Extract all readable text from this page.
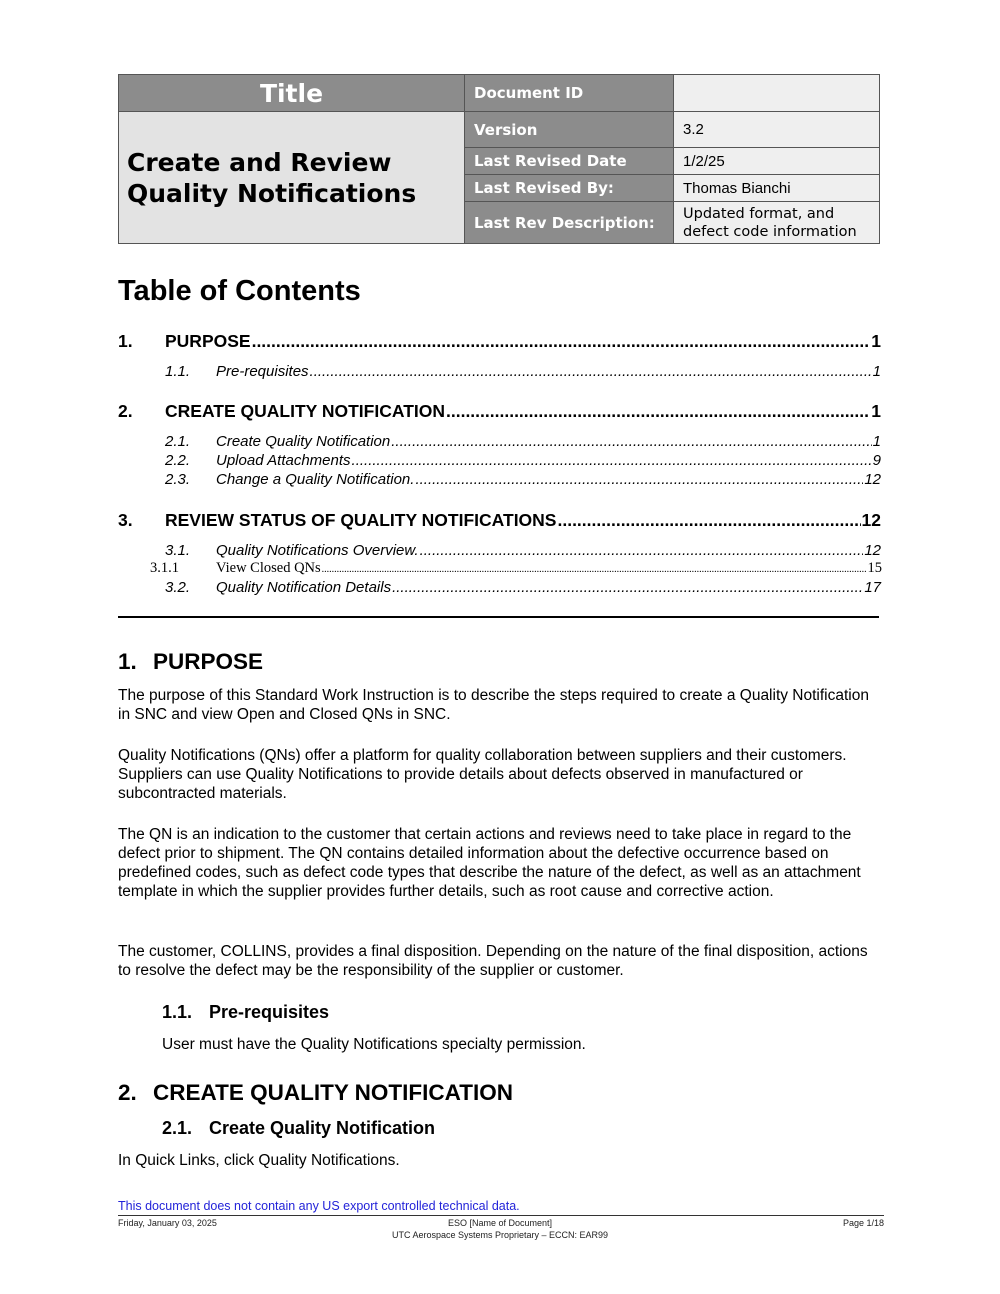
Title	Document ID	

Create and Review
Quality Notifications	Version	3.2
	Last Revised Date	1/2/25
	Last Revised By:	Thomas Bianchi
	Last Rev Description:	Updated format, and
defect code information
Table of Contents
1.	PURPOSE .....	1
1.1.	Pre-requisites .....	1
2.	CREATE QUALITY NOTIFICATION .....	1
2.1.	Create Quality Notification .....	1
2.2.	Upload Attachments .....	9
2.3.	Change a Quality Notification. .....	12
3.	REVIEW STATUS OF QUALITY NOTIFICATIONS .....	12
3.1.	Quality Notifications Overview. .....	12
3.1.1	View Closed QNs .....	15
3.2.	Quality Notification Details .....	17
1. PURPOSE

The purpose of this Standard Work Instruction is to describe the steps required to create a Quality Notification in SNC and view Open and Closed QNs in SNC.

Quality Notifications (QNs) offer a platform for quality collaboration between suppliers and their customers. Suppliers can use Quality Notifications to provide details about defects observed in manufactured or subcontracted materials.

The QN is an indication to the customer that certain actions and reviews need to take place in regard to the defect prior to shipment. The QN contains detailed information about the defective occurrence based on predefined codes, such as defect code types that describe the nature of the defect, as well as an attachment template in which the supplier provides further details, such as root cause and corrective action.

The customer, COLLINS, provides a final disposition. Depending on the nature of the final disposition, actions to resolve the defect may be the responsibility of the supplier or customer.

1.1. Pre-requisites

User must have the Quality Notifications specialty permission.

2. CREATE QUALITY NOTIFICATION
2.1. Create Quality Notification

In Quick Links, click Quality Notifications.

This document does not contain any US export controlled technical data.
Friday, January 03, 2025	ESO [Name of Document]	Page 1/18
UTC Aerospace Systems Proprietary – ECCN: EAR99
